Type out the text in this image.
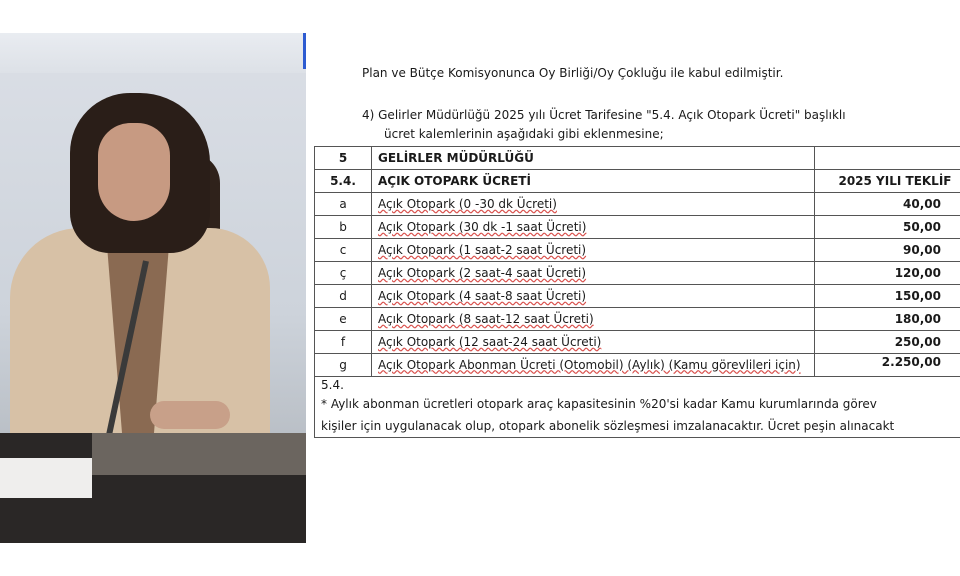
Plan ve Bütçe Komisyonunca Oy Birliği/Oy Çokluğu ile kabul edilmiştir.
4) Gelirler Müdürlüğü 2025 yılı Ücret Tarifesine "5.4. Açık Otopark Ücreti" başlıklı
ücret kalemlerinin aşağıdaki gibi eklenmesine;
5	GELİRLER MÜDÜRLÜĞÜ	
5.4.	AÇIK OTOPARK ÜCRETİ	2025 YILI TEKLİF
a	Açık Otopark (0 -30 dk Ücreti)	40,00
b	Açık Otopark (30 dk -1 saat Ücreti)	50,00
c	Açık Otopark (1 saat-2 saat Ücreti)	90,00
ç	Açık Otopark (2 saat-4 saat Ücreti)	120,00
d	Açık Otopark (4 saat-8 saat Ücreti)	150,00
e	Açık Otopark (8 saat-12 saat Ücreti)	180,00
f	Açık Otopark (12 saat-24 saat Ücreti)	250,00
g	Açık Otopark Abonman Ücreti (Otomobil) (Aylık) (Kamu görevlileri için)	2.250,00

5.4.
* Aylık abonman ücretleri otopark araç kapasitesinin %20'si kadar Kamu kurumlarında görev
kişiler için uygulanacak olup, otopark abonelik sözleşmesi imzalanacaktır. Ücret peşin alınacakt		
